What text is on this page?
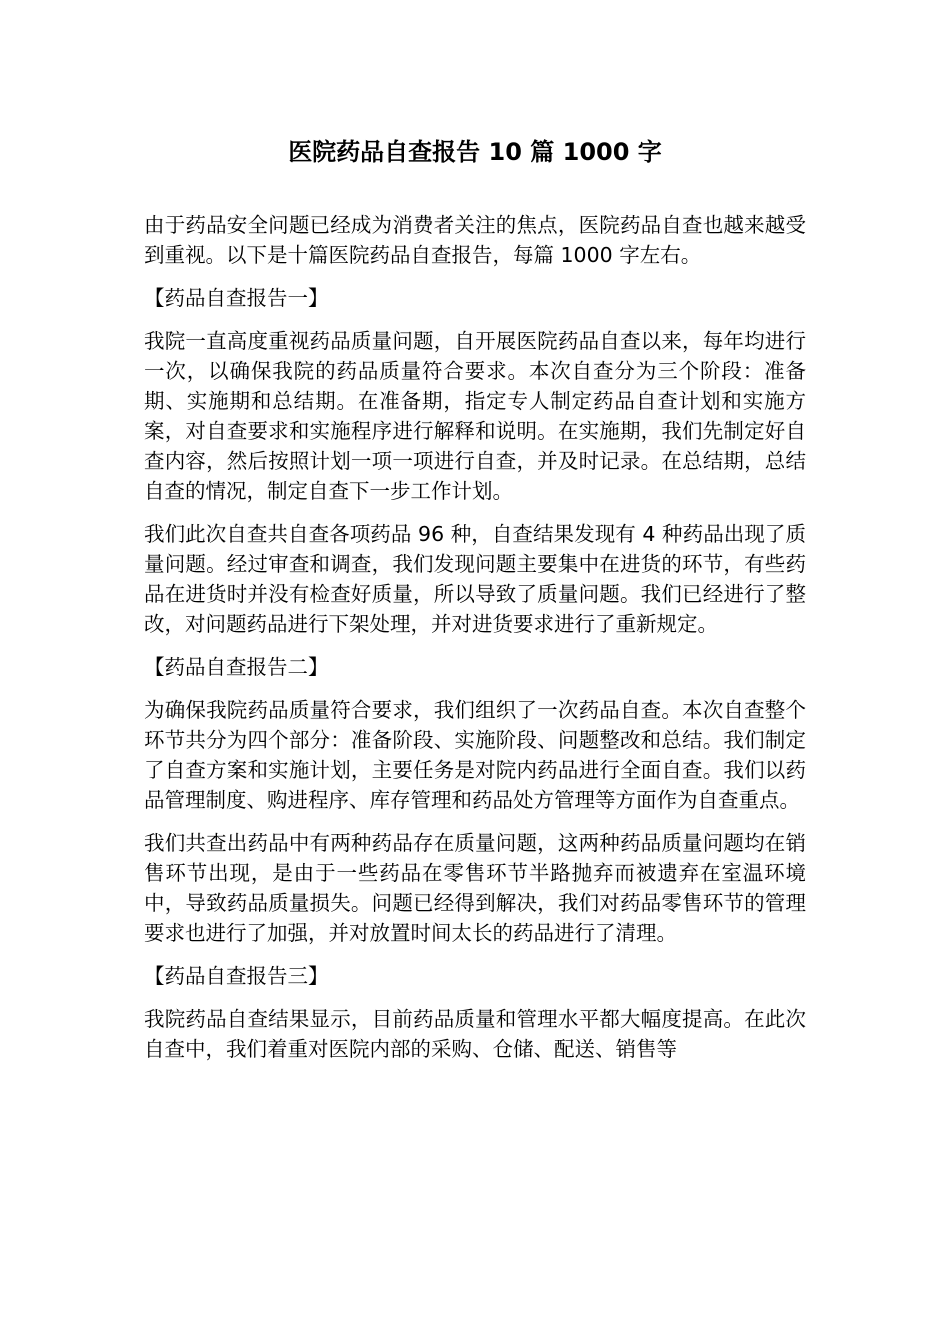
医院药品自查报告 10 篇 1000 字

由于药品安全问题已经成为消费者关注的焦点，医院药品自查也越来越受到重视。以下是十篇医院药品自查报告，每篇 1000 字左右。

【药品自查报告一】

我院一直高度重视药品质量问题，自开展医院药品自查以来，每年均进行一次，以确保我院的药品质量符合要求。本次自查分为三个阶段：准备期、实施期和总结期。在准备期，指定专人制定药品自查计划和实施方案，对自查要求和实施程序进行解释和说明。在实施期，我们先制定好自查内容，然后按照计划一项一项进行自查，并及时记录。在总结期，总结自查的情况，制定自查下一步工作计划。

我们此次自查共自查各项药品 96 种，自查结果发现有 4 种药品出现了质量问题。经过审查和调查，我们发现问题主要集中在进货的环节，有些药品在进货时并没有检查好质量，所以导致了质量问题。我们已经进行了整改，对问题药品进行下架处理，并对进货要求进行了重新规定。

【药品自查报告二】

为确保我院药品质量符合要求，我们组织了一次药品自查。本次自查整个环节共分为四个部分：准备阶段、实施阶段、问题整改和总结。我们制定了自查方案和实施计划，主要任务是对院内药品进行全面自查。我们以药品管理制度、购进程序、库存管理和药品处方管理等方面作为自查重点。

我们共查出药品中有两种药品存在质量问题，这两种药品质量问题均在销售环节出现，是由于一些药品在零售环节半路抛弃而被遗弃在室温环境中，导致药品质量损失。问题已经得到解决，我们对药品零售环节的管理要求也进行了加强，并对放置时间太长的药品进行了清理。

【药品自查报告三】

我院药品自查结果显示，目前药品质量和管理水平都大幅度提高。在此次自查中，我们着重对医院内部的采购、仓储、配送、销售等
